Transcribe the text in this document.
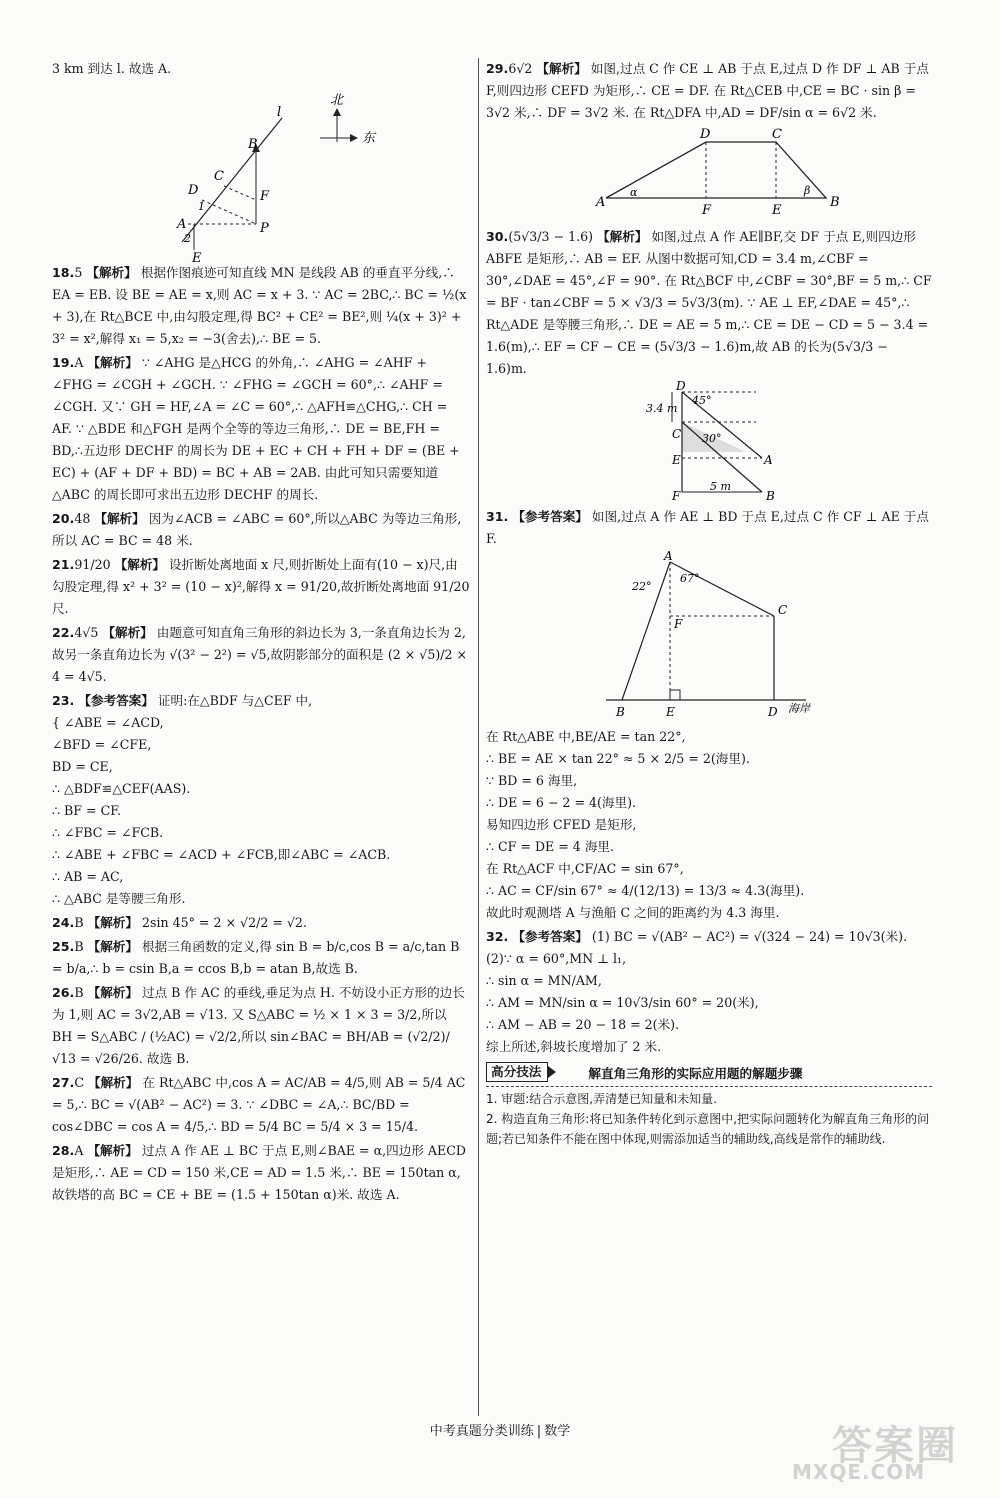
3 km 到达 l. 故选 A.

北
东
l
B
C
D	F
A	P
E
1
2

18.5 【解析】 根据作图痕迹可知直线 MN 是线段 AB 的垂直平分线,∴ EA = EB. 设 BE = AE = x,则 AC = x + 3. ∵ AC = 2BC,∴ BC = ½(x + 3),在 Rt△BCE 中,由勾股定理,得 BC² + CE² = BE²,则 ¼(x + 3)² + 3² = x²,解得 x₁ = 5,x₂ = −3(舍去),∴ BE = 5.

19.A 【解析】 ∵ ∠AHG 是△HCG 的外角,∴ ∠AHG = ∠AHF + ∠FHG = ∠CGH + ∠GCH. ∵ ∠FHG = ∠GCH = 60°,∴ ∠AHF = ∠CGH. 又∵ GH = HF,∠A = ∠C = 60°,∴ △AFH≌△CHG,∴ CH = AF. ∵ △BDE 和△FGH 是两个全等的等边三角形,∴ DE = BE,FH = BD,∴五边形 DECHF 的周长为 DE + EC + CH + FH + DF = (BE + EC) + (AF + DF + BD) = BC + AB = 2AB. 由此可知只需要知道△ABC 的周长即可求出五边形 DECHF 的周长.

20.48 【解析】 因为∠ACB = ∠ABC = 60°,所以△ABC 为等边三角形,所以 AC = BC = 48 米.

21.91/20 【解析】 设折断处离地面 x 尺,则折断处上面有(10 − x)尺,由勾股定理,得 x² + 3² = (10 − x)²,解得 x = 91/20,故折断处离地面 91/20 尺.

22.4√5 【解析】 由题意可知直角三角形的斜边长为 3,一条直角边长为 2,故另一条直角边长为 √(3² − 2²) = √5,故阴影部分的面积是 (2 × √5)/2 × 4 = 4√5.

23. 【参考答案】 证明:在△BDF 与△CEF 中,

{ ∠ABE = ∠ACD,

∠BFD = ∠CFE,

BD = CE,

∴ △BDF≌△CEF(AAS).

∴ BF = CF.

∴ ∠FBC = ∠FCB.

∴ ∠ABE + ∠FBC = ∠ACD + ∠FCB,即∠ABC = ∠ACB.

∴ AB = AC,

∴ △ABC 是等腰三角形.

24.B 【解析】 2sin 45° = 2 × √2/2 = √2.

25.B 【解析】 根据三角函数的定义,得 sin B = b/c,cos B = a/c,tan B = b/a,∴ b = csin B,a = ccos B,b = atan B,故选 B.

26.B 【解析】 过点 B 作 AC 的垂线,垂足为点 H. 不妨设小正方形的边长为 1,则 AC = 3√2,AB = √13. 又 S△ABC = ½ × 1 × 3 = 3/2,所以 BH = S△ABC / (½AC) = √2/2,所以 sin∠BAC = BH/AB = (√2/2)/√13 = √26/26. 故选 B.

27.C 【解析】 在 Rt△ABC 中,cos A = AC/AB = 4/5,则 AB = 5/4 AC = 5,∴ BC = √(AB² − AC²) = 3. ∵ ∠DBC = ∠A,∴ BC/BD = cos∠DBC = cos A = 4/5,∴ BD = 5/4 BC = 5/4 × 3 = 15/4.

28.A 【解析】 过点 A 作 AE ⊥ BC 于点 E,则∠BAE = α,四边形 AECD 是矩形,∴ AE = CD = 150 米,CE = AD = 1.5 米,∴ BE = 150tan α,故铁塔的高 BC = CE + BE = (1.5 + 150tan α)米. 故选 A.

29.6√2 【解析】 如图,过点 C 作 CE ⊥ AB 于点 E,过点 D 作 DF ⊥ AB 于点 F,则四边形 CEFD 为矩形,∴ CE = DF. 在 Rt△CEB 中,CE = BC · sin β = 3√2 米,∴ DF = 3√2 米. 在 Rt△DFA 中,AD = DF/sin α = 6√2 米.

D	C
A
α
F	E
β
B

30.(5√3/3 − 1.6) 【解析】 如图,过点 A 作 AE∥BF,交 DF 于点 E,则四边形 ABFE 是矩形,∴ AB = EF. 从图中数据可知,CD = 3.4 m,∠CBF = 30°,∠DAE = 45°,∠F = 90°. 在 Rt△BCF 中,∠CBF = 30°,BF = 5 m,∴ CF = BF · tan∠CBF = 5 × √3/3 = 5√3/3(m). ∵ AE ⊥ EF,∠DAE = 45°,∴ Rt△ADE 是等腰三角形,∴ DE = AE = 5 m,∴ CE = DE − CD = 5 − 3.4 = 1.6(m),∴ EF = CF − CE = (5√3/3 − 1.6)m,故 AB 的长为(5√3/3 − 1.6)m.

D
3.4 m
45°
C 30°
E	A
F
5 m
B

31. 【参考答案】 如图,过点 A 作 AE ⊥ BD 于点 E,过点 C 作 CF ⊥ AE 于点 F.

A
22°
67°
C
F
B	E	D 海岸

在 Rt△ABE 中,BE/AE = tan 22°,

∴ BE = AE × tan 22° ≈ 5 × 2/5 = 2(海里).

∵ BD = 6 海里,

∴ DE = 6 − 2 = 4(海里).

易知四边形 CFED 是矩形,

∴ CF = DE = 4 海里.

在 Rt△ACF 中,CF/AC = sin 67°,

∴ AC = CF/sin 67° ≈ 4/(12/13) = 13/3 ≈ 4.3(海里).

故此时观测塔 A 与渔船 C 之间的距离约为 4.3 海里.

32. 【参考答案】 (1) BC = √(AB² − AC²) = √(324 − 24) = 10√3(米).

(2)∵ α = 60°,MN ⊥ l₁,

∴ sin α = MN/AM,

∴ AM = MN/sin α = 10√3/sin 60° = 20(米),

∴ AM − AB = 20 − 18 = 2(米).

综上所述,斜坡长度增加了 2 米.

高分技法	解直角三角形的实际应用题的解题步骤

1. 审题:结合示意图,弄清楚已知量和未知量.

2. 构造直角三角形:将已知条件转化到示意图中,把实际问题转化为解直角三角形的问题;若已知条件不能在图中体现,则需添加适当的辅助线,高线是常作的辅助线.

中考真题分类训练 | 数学	答案圈
MXQE.COM
